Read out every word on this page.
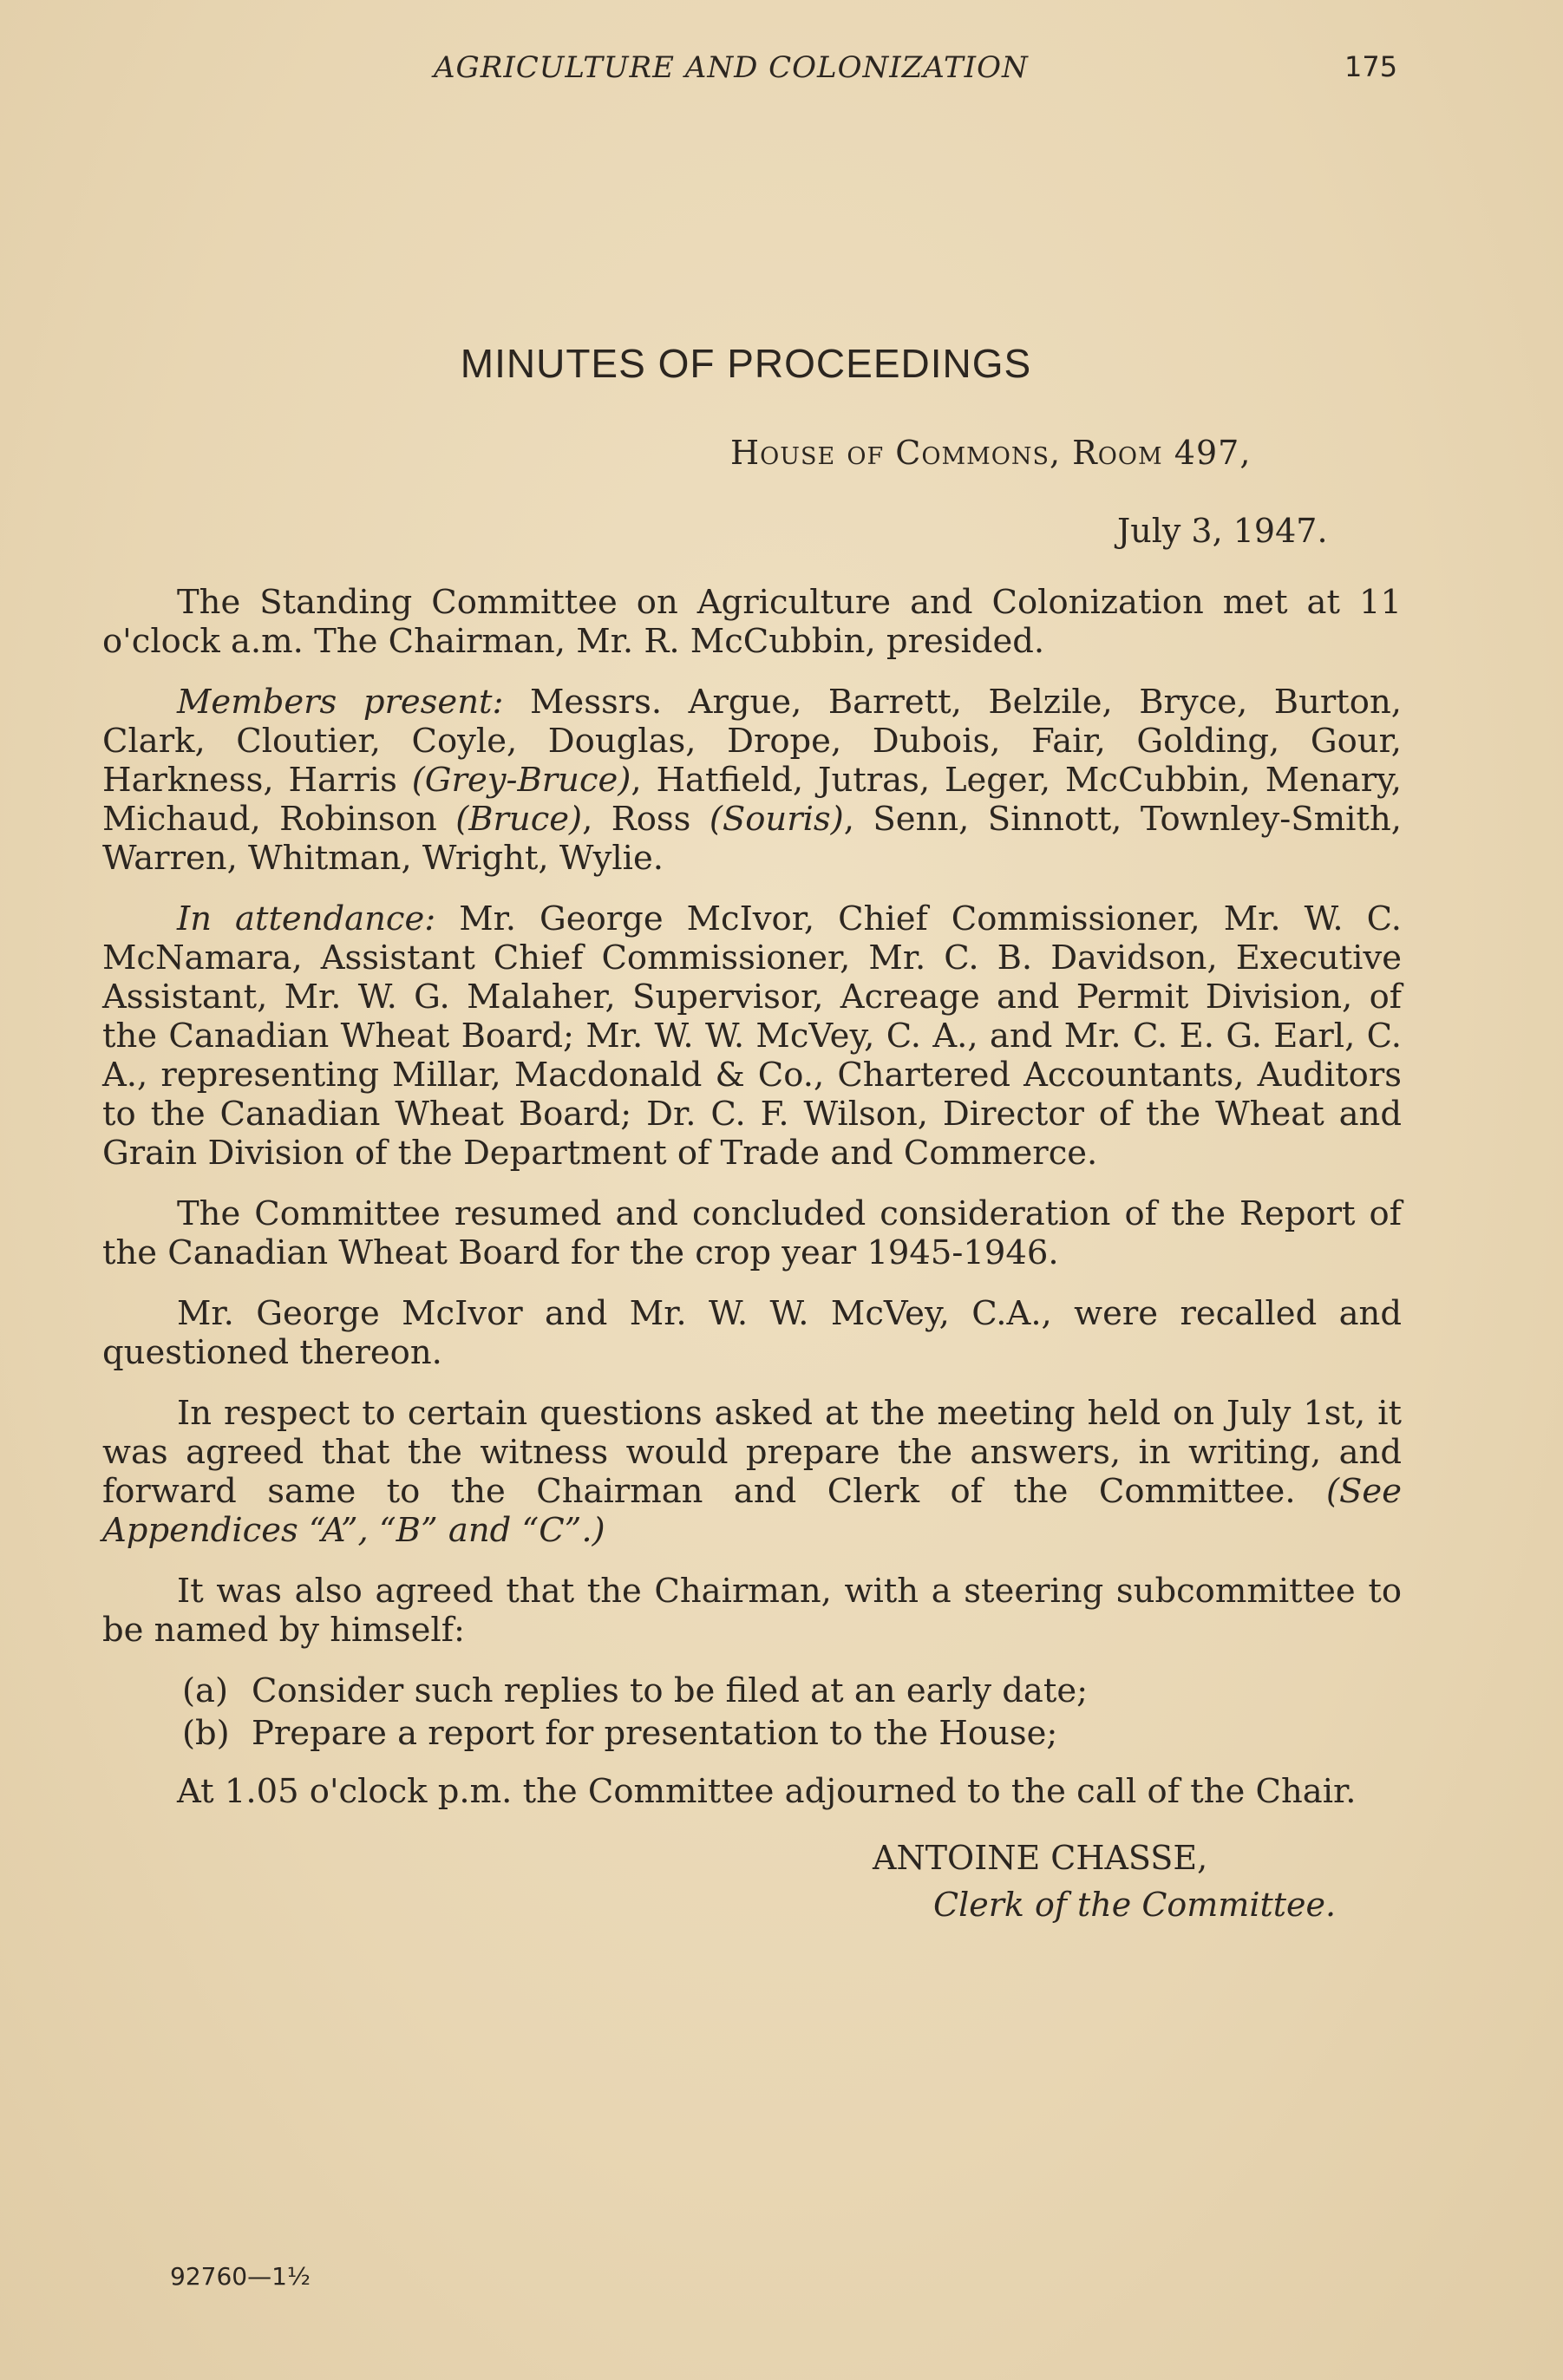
AGRICULTURE AND COLONIZATION	175
MINUTES OF PROCEEDINGS
House of Commons, Room 497,
July 3, 1947.

The Standing Committee on Agriculture and Colonization met at 11 o'clock a.m. The Chairman, Mr. R. McCubbin, presided.

Members present: Messrs. Argue, Barrett, Belzile, Bryce, Burton, Clark, Cloutier, Coyle, Douglas, Drope, Dubois, Fair, Golding, Gour, Harkness, Harris (Grey-Bruce), Hatfield, Jutras, Leger, McCubbin, Menary, Michaud, Robinson (Bruce), Ross (Souris), Senn, Sinnott, Townley-Smith, Warren, Whitman, Wright, Wylie.

In attendance: Mr. George McIvor, Chief Commissioner, Mr. W. C. McNamara, Assistant Chief Commissioner, Mr. C. B. Davidson, Executive Assistant, Mr. W. G. Malaher, Supervisor, Acreage and Permit Division, of the Canadian Wheat Board; Mr. W. W. McVey, C. A., and Mr. C. E. G. Earl, C. A., representing Millar, Macdonald & Co., Chartered Accountants, Auditors to the Canadian Wheat Board; Dr. C. F. Wilson, Director of the Wheat and Grain Division of the Department of Trade and Commerce.

The Committee resumed and concluded consideration of the Report of the Canadian Wheat Board for the crop year 1945-1946.

Mr. George McIvor and Mr. W. W. McVey, C.A., were recalled and questioned thereon.

In respect to certain questions asked at the meeting held on July 1st, it was agreed that the witness would prepare the answers, in writing, and forward same to the Chairman and Clerk of the Committee. (See Appendices “A”, “B” and “C”.)

It was also agreed that the Chairman, with a steering subcommittee to be named by himself:

(a) Consider such replies to be filed at an early date;
(b) Prepare a report for presentation to the House;
At 1.05 o'clock p.m. the Committee adjourned to the call of the Chair.
ANTOINE CHASSE,
Clerk of the Committee.
92760—1½
